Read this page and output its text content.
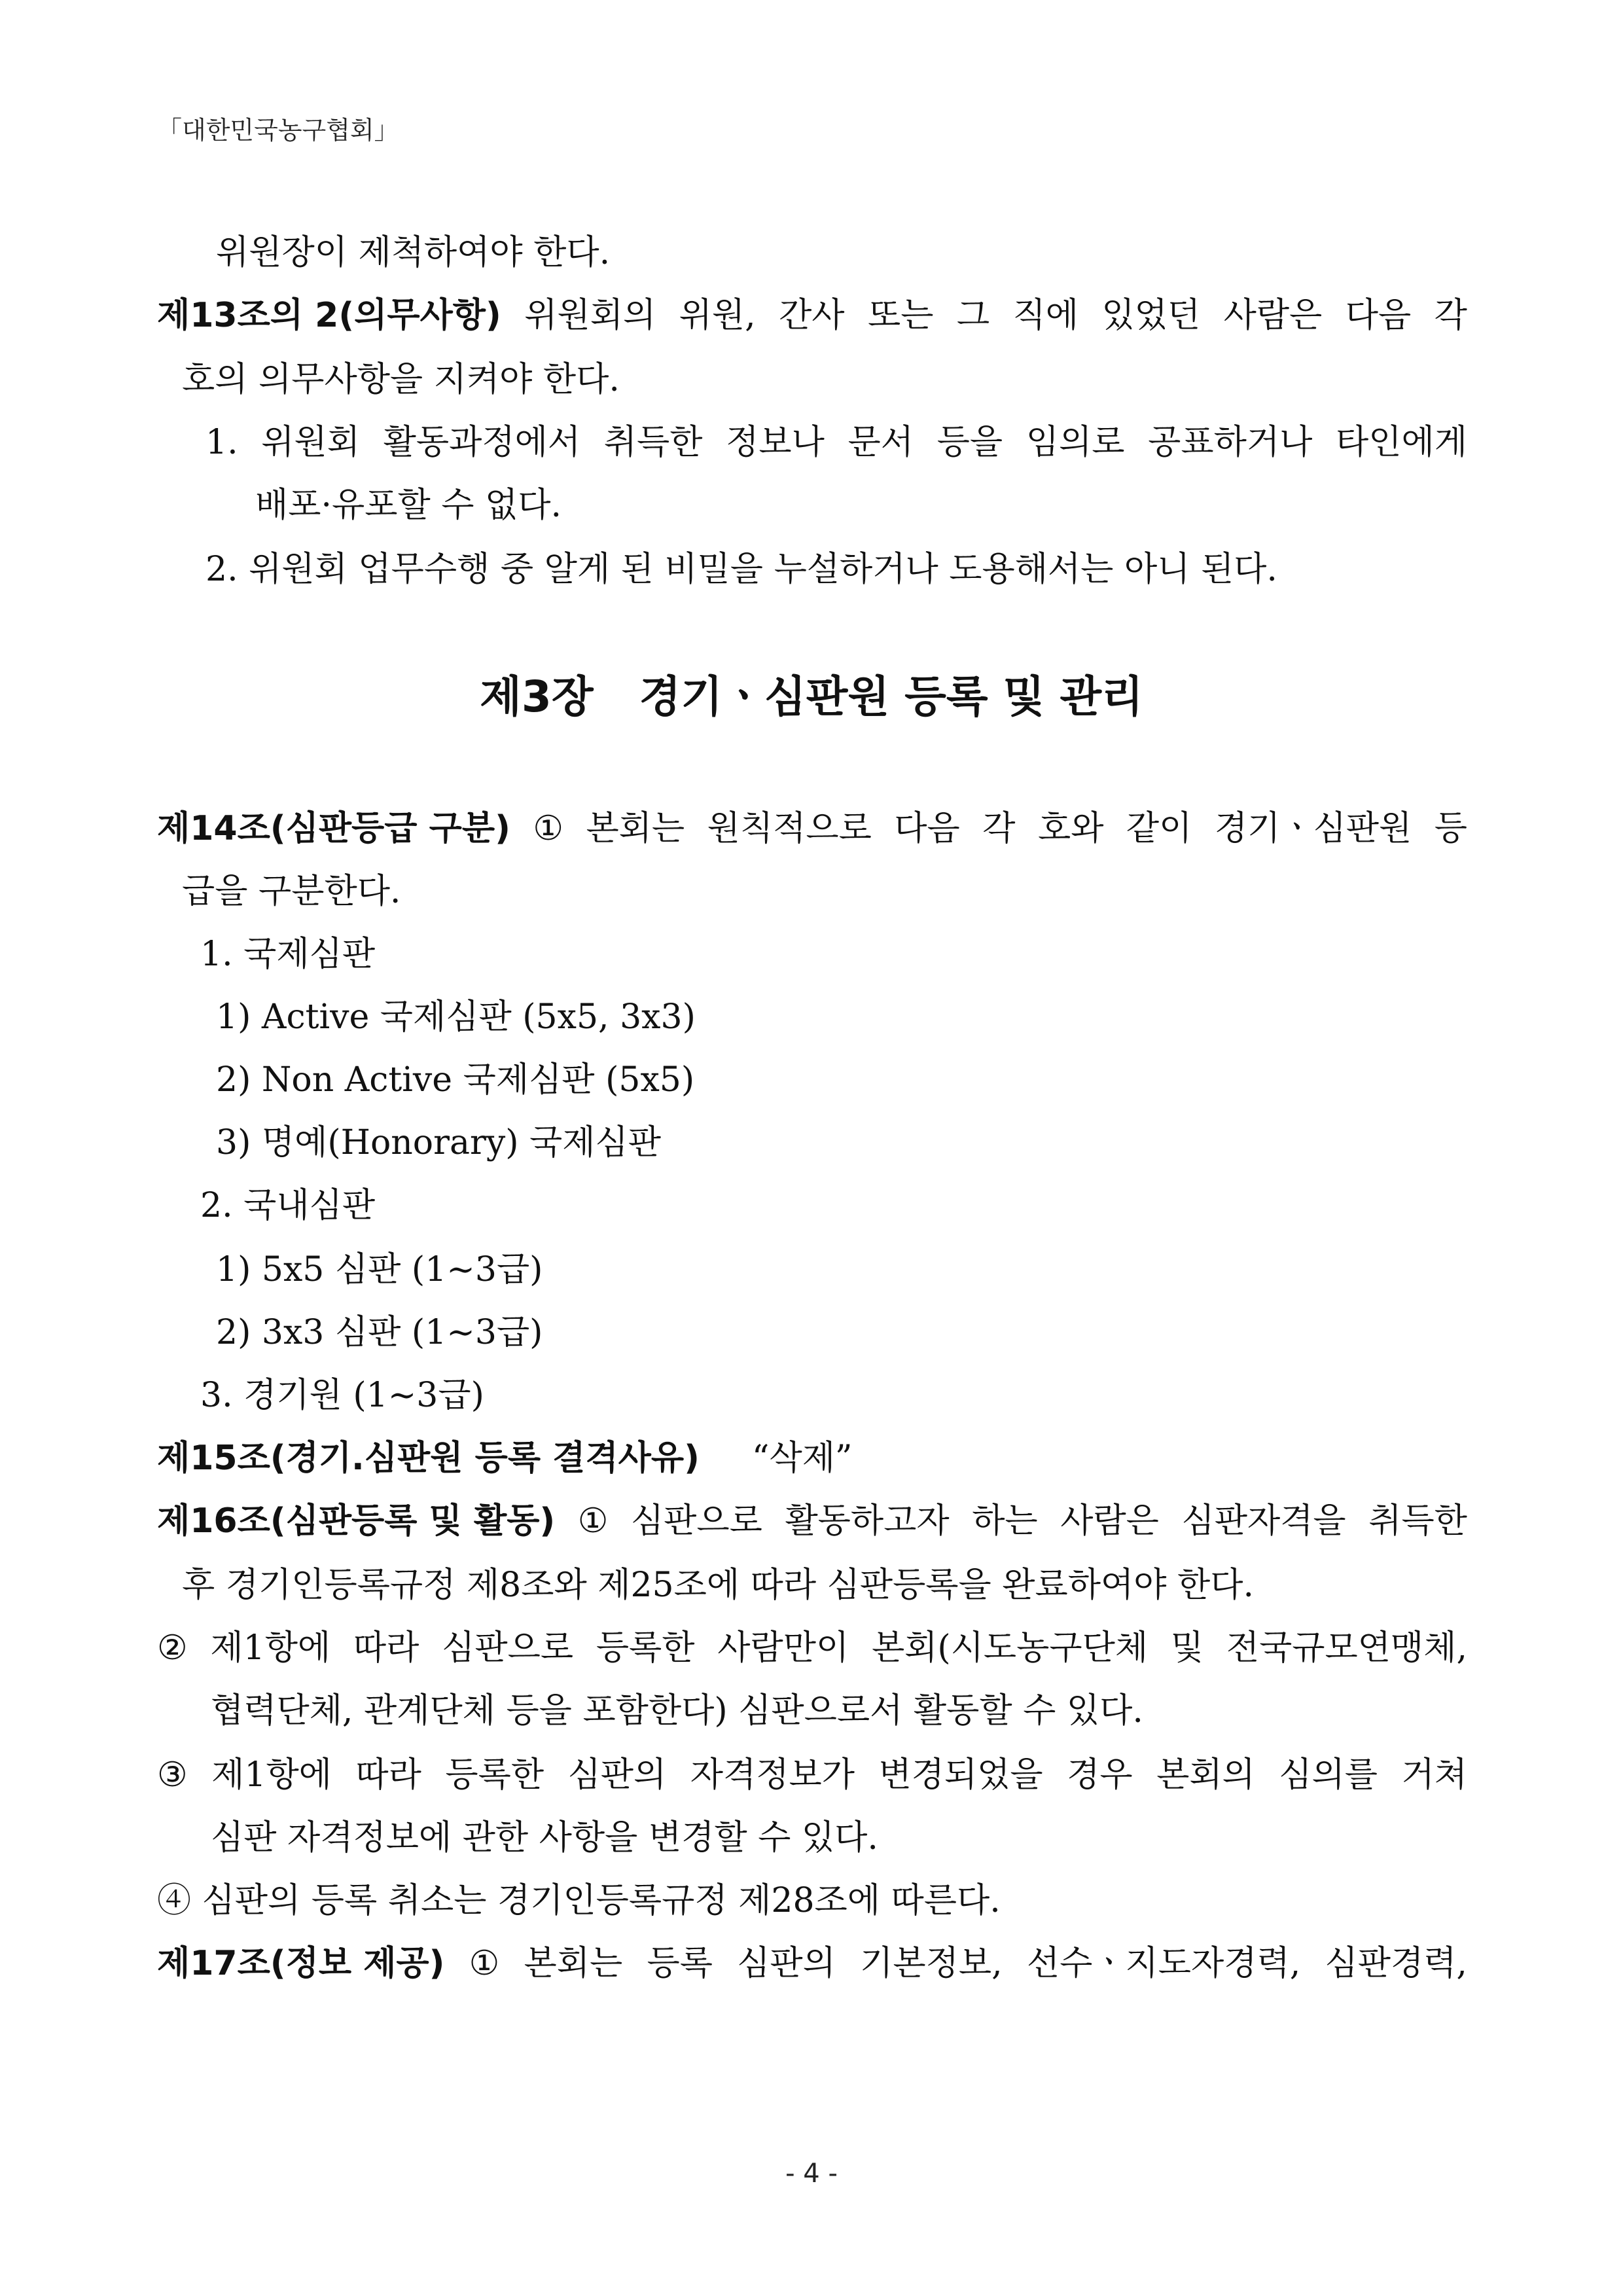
「대한민국농구협회」
위원장이 제척하여야 한다.
제13조의 2(의무사항) 위원회의 위원, 간사 또는 그 직에 있었던 사람은 다음 각
호의 의무사항을 지켜야 한다.
1. 위원회 활동과정에서 취득한 정보나 문서 등을 임의로 공표하거나 타인에게
배포·유포할 수 없다.
2. 위원회 업무수행 중 알게 된 비밀을 누설하거나 도용해서는 아니 된다.
제3장 경기ㆍ심판원 등록 및 관리
제14조(심판등급 구분) ① 본회는 원칙적으로 다음 각 호와 같이 경기ㆍ심판원 등
급을 구분한다.
1. 국제심판
1) Active 국제심판 (5x5, 3x3)
2) Non Active 국제심판 (5x5)
3) 명예(Honorary) 국제심판
2. 국내심판
1) 5x5 심판 (1∼3급)
2) 3x3 심판 (1∼3급)
3. 경기원 (1∼3급)
제15조(경기.심판원 등록 결격사유) “삭제”
제16조(심판등록 및 활동) ① 심판으로 활동하고자 하는 사람은 심판자격을 취득한
후 경기인등록규정 제8조와 제25조에 따라 심판등록을 완료하여야 한다.
② 제1항에 따라 심판으로 등록한 사람만이 본회(시도농구단체 및 전국규모연맹체,
협력단체, 관계단체 등을 포함한다) 심판으로서 활동할 수 있다.
③ 제1항에 따라 등록한 심판의 자격정보가 변경되었을 경우 본회의 심의를 거쳐
심판 자격정보에 관한 사항을 변경할 수 있다.
④ 심판의 등록 취소는 경기인등록규정 제28조에 따른다.
제17조(정보 제공) ① 본회는 등록 심판의 기본정보, 선수ㆍ지도자경력, 심판경력,
- 4 -
